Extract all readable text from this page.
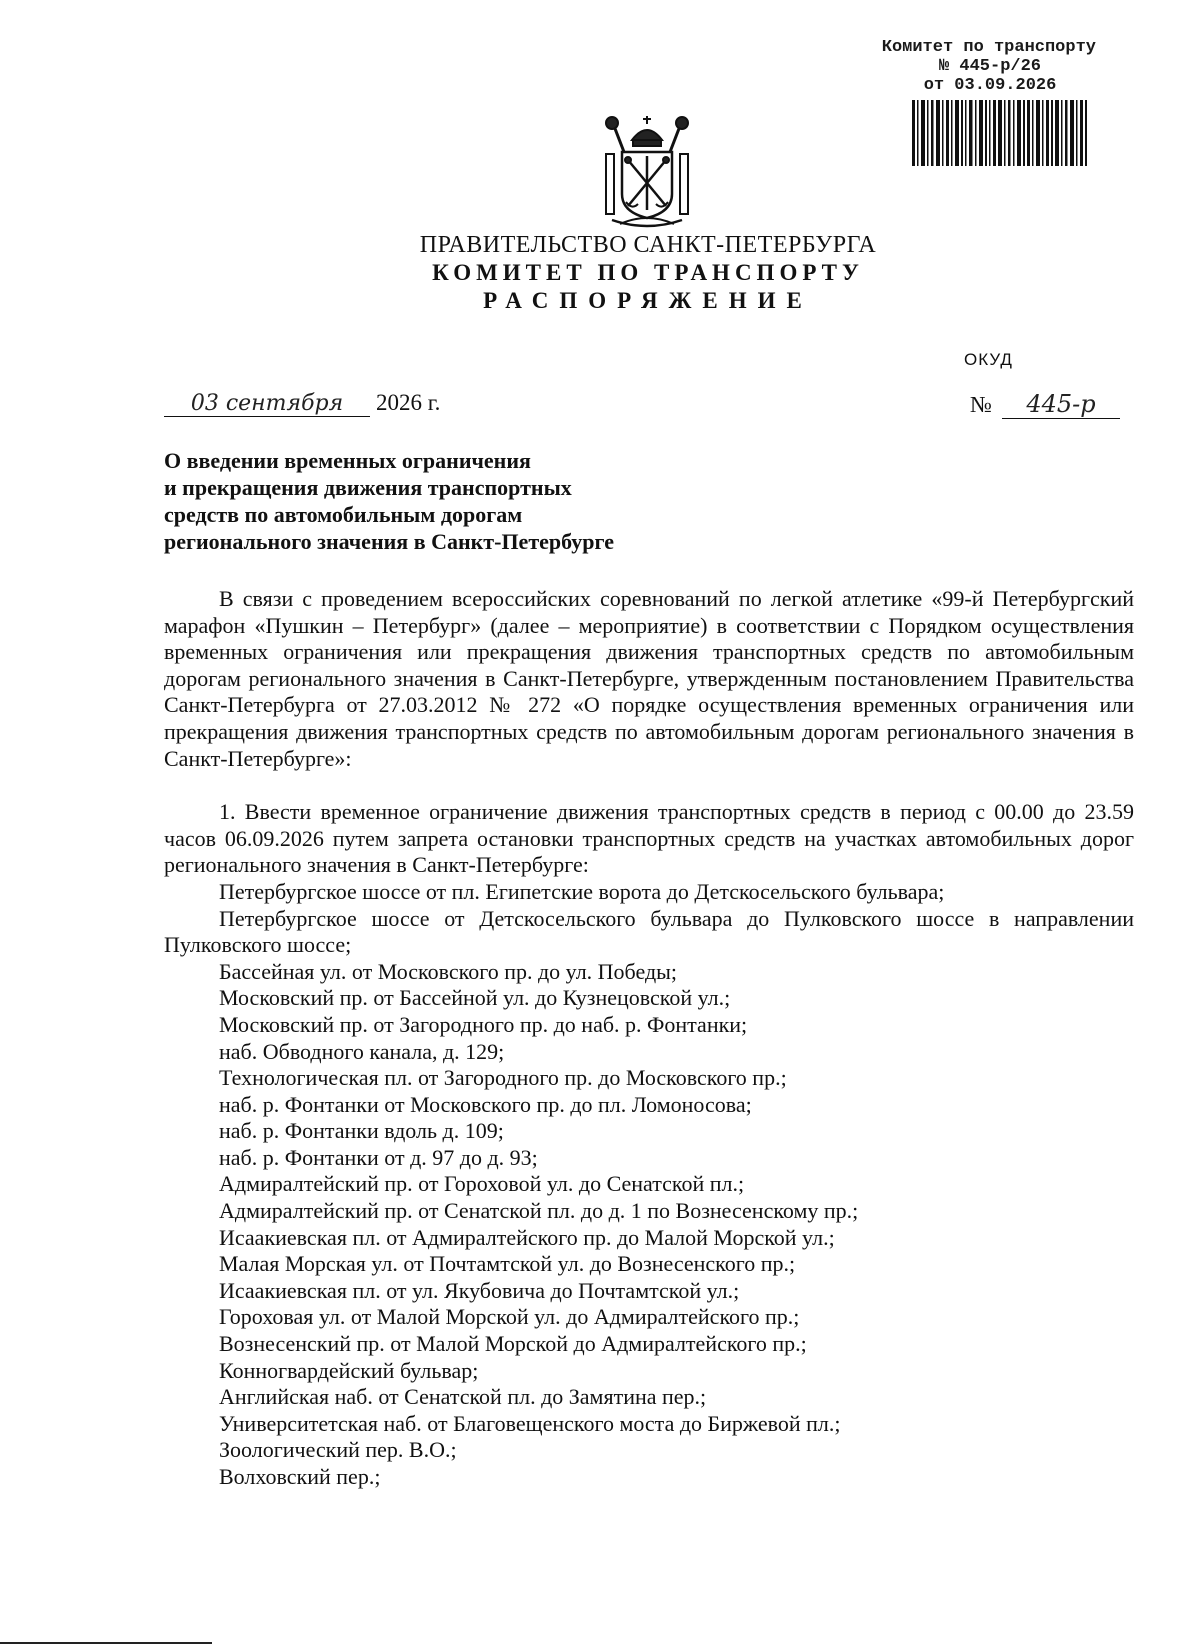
Комитет по транспорту
№ 445-р/26
от 03.09.2026
ПРАВИТЕЛЬСТВО САНКТ-ПЕТЕРБУРГА
КОМИТЕТ ПО ТРАНСПОРТУ
РАСПОРЯЖЕНИЕ
ОКУД
03 сентября 2026 г.	№ 445-р
О введении временных ограничения
и прекращения движения транспортных
средств по автомобильным дорогам
регионального значения в Санкт-Петербурге

В связи с проведением всероссийских соревнований по легкой атлетике «99-й Петербургский марафон «Пушкин – Петербург» (далее – мероприятие) в соответствии с Порядком осуществления временных ограничения или прекращения движения транспортных средств по автомобильным дорогам регионального значения в Санкт-Петербурге, утвержденным постановлением Правительства Санкт-Петербурга от 27.03.2012 № 272 «О порядке осуществления временных ограничения или прекращения движения транспортных средств по автомобильным дорогам регионального значения в Санкт-Петербурге»:

1. Ввести временное ограничение движения транспортных средств в период с 00.00 до 23.59 часов 06.09.2026 путем запрета остановки транспортных средств на участках автомобильных дорог регионального значения в Санкт-Петербурге:

Петербургское шоссе от пл. Египетские ворота до Детскосельского бульвара;

Петербургское шоссе от Детскосельского бульвара до Пулковского шоссе в направлении Пулковского шоссе;

Бассейная ул. от Московского пр. до ул. Победы;

Московский пр. от Бассейной ул. до Кузнецовской ул.;

Московский пр. от Загородного пр. до наб. р. Фонтанки;

наб. Обводного канала, д. 129;

Технологическая пл. от Загородного пр. до Московского пр.;

наб. р. Фонтанки от Московского пр. до пл. Ломоносова;

наб. р. Фонтанки вдоль д. 109;

наб. р. Фонтанки от д. 97 до д. 93;

Адмиралтейский пр. от Гороховой ул. до Сенатской пл.;

Адмиралтейский пр. от Сенатской пл. до д. 1 по Вознесенскому пр.;

Исаакиевская пл. от Адмиралтейского пр. до Малой Морской ул.;

Малая Морская ул. от Почтамтской ул. до Вознесенского пр.;

Исаакиевская пл. от ул. Якубовича до Почтамтской ул.;

Гороховая ул. от Малой Морской ул. до Адмиралтейского пр.;

Вознесенский пр. от Малой Морской до Адмиралтейского пр.;

Конногвардейский бульвар;

Английская наб. от Сенатской пл. до Замятина пер.;

Университетская наб. от Благовещенского моста до Биржевой пл.;

Зоологический пер. В.О.;

Волховский пер.;
